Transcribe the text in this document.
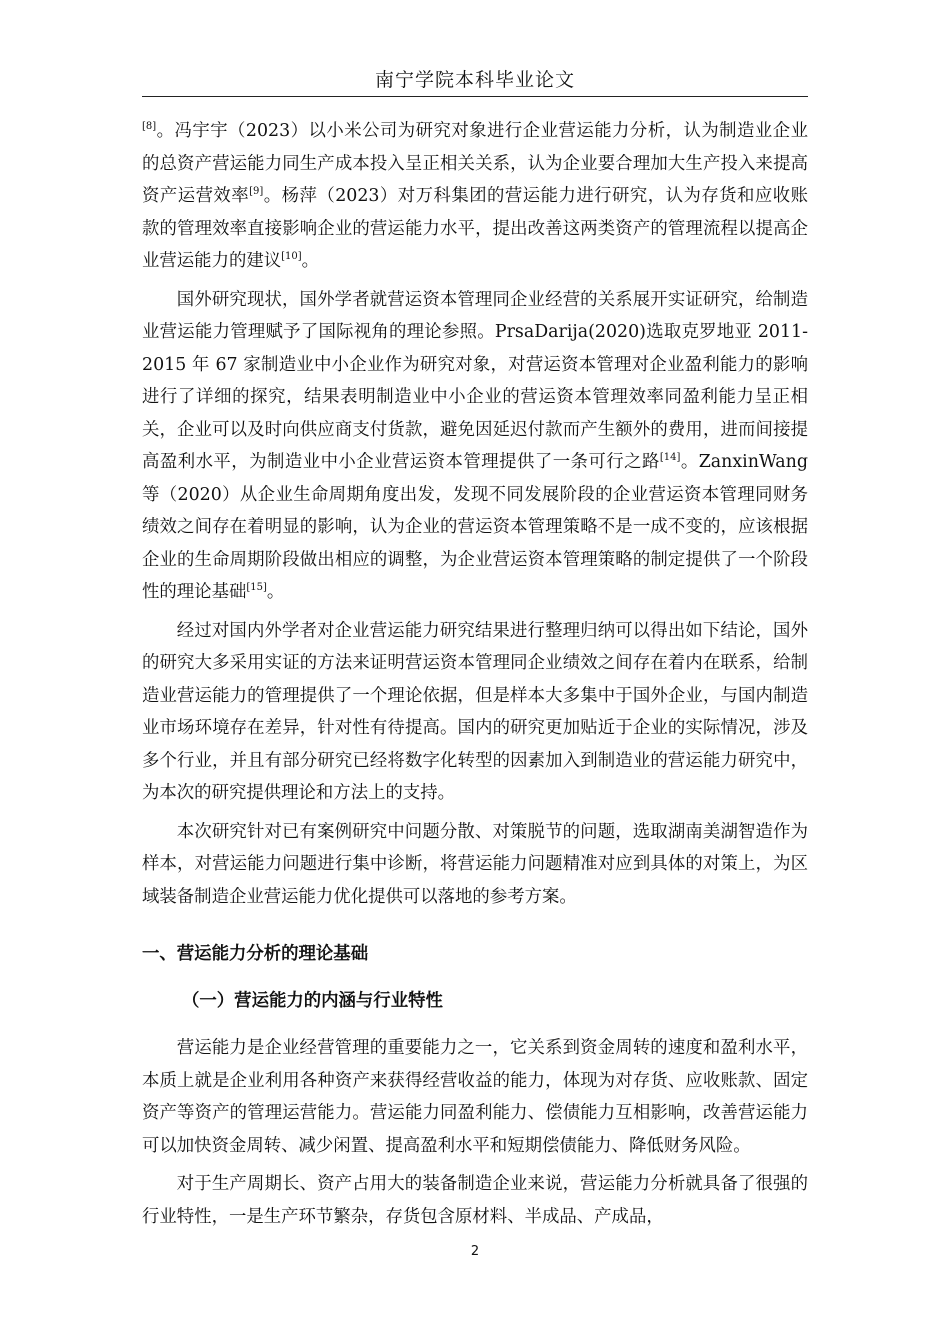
南宁学院本科毕业论文

[8]。冯宇宇（2023）以小米公司为研究对象进行企业营运能力分析，认为制造业企业的总资产营运能力同生产成本投入呈正相关关系，认为企业要合理加大生产投入来提高资产运营效率[9]。杨萍（2023）对万科集团的营运能力进行研究，认为存货和应收账款的管理效率直接影响企业的营运能力水平，提出改善这两类资产的管理流程以提高企业营运能力的建议[10]。

国外研究现状，国外学者就营运资本管理同企业经营的关系展开实证研究，给制造业营运能力管理赋予了国际视角的理论参照。PrsaDarija(2020)选取克罗地亚 2011-2015 年 67 家制造业中小企业作为研究对象，对营运资本管理对企业盈利能力的影响进行了详细的探究，结果表明制造业中小企业的营运资本管理效率同盈利能力呈正相关，企业可以及时向供应商支付货款，避免因延迟付款而产生额外的费用，进而间接提高盈利水平，为制造业中小企业营运资本管理提供了一条可行之路[14]。ZanxinWang 等（2020）从企业生命周期角度出发，发现不同发展阶段的企业营运资本管理同财务绩效之间存在着明显的影响，认为企业的营运资本管理策略不是一成不变的，应该根据企业的生命周期阶段做出相应的调整，为企业营运资本管理策略的制定提供了一个阶段性的理论基础[15]。

经过对国内外学者对企业营运能力研究结果进行整理归纳可以得出如下结论，国外的研究大多采用实证的方法来证明营运资本管理同企业绩效之间存在着内在联系，给制造业营运能力的管理提供了一个理论依据，但是样本大多集中于国外企业，与国内制造业市场环境存在差异，针对性有待提高。国内的研究更加贴近于企业的实际情况，涉及多个行业，并且有部分研究已经将数字化转型的因素加入到制造业的营运能力研究中，为本次的研究提供理论和方法上的支持。

本次研究针对已有案例研究中问题分散、对策脱节的问题，选取湖南美湖智造作为样本，对营运能力问题进行集中诊断，将营运能力问题精准对应到具体的对策上，为区域装备制造企业营运能力优化提供可以落地的参考方案。

一、营运能力分析的理论基础
（一）营运能力的内涵与行业特性

营运能力是企业经营管理的重要能力之一，它关系到资金周转的速度和盈利水平，本质上就是企业利用各种资产来获得经营收益的能力，体现为对存货、应收账款、固定资产等资产的管理运营能力。营运能力同盈利能力、偿债能力互相影响，改善营运能力可以加快资金周转、减少闲置、提高盈利水平和短期偿债能力、降低财务风险。

对于生产周期长、资产占用大的装备制造企业来说，营运能力分析就具备了很强的行业特性，一是生产环节繁杂，存货包含原材料、半成品、产成品，

2
